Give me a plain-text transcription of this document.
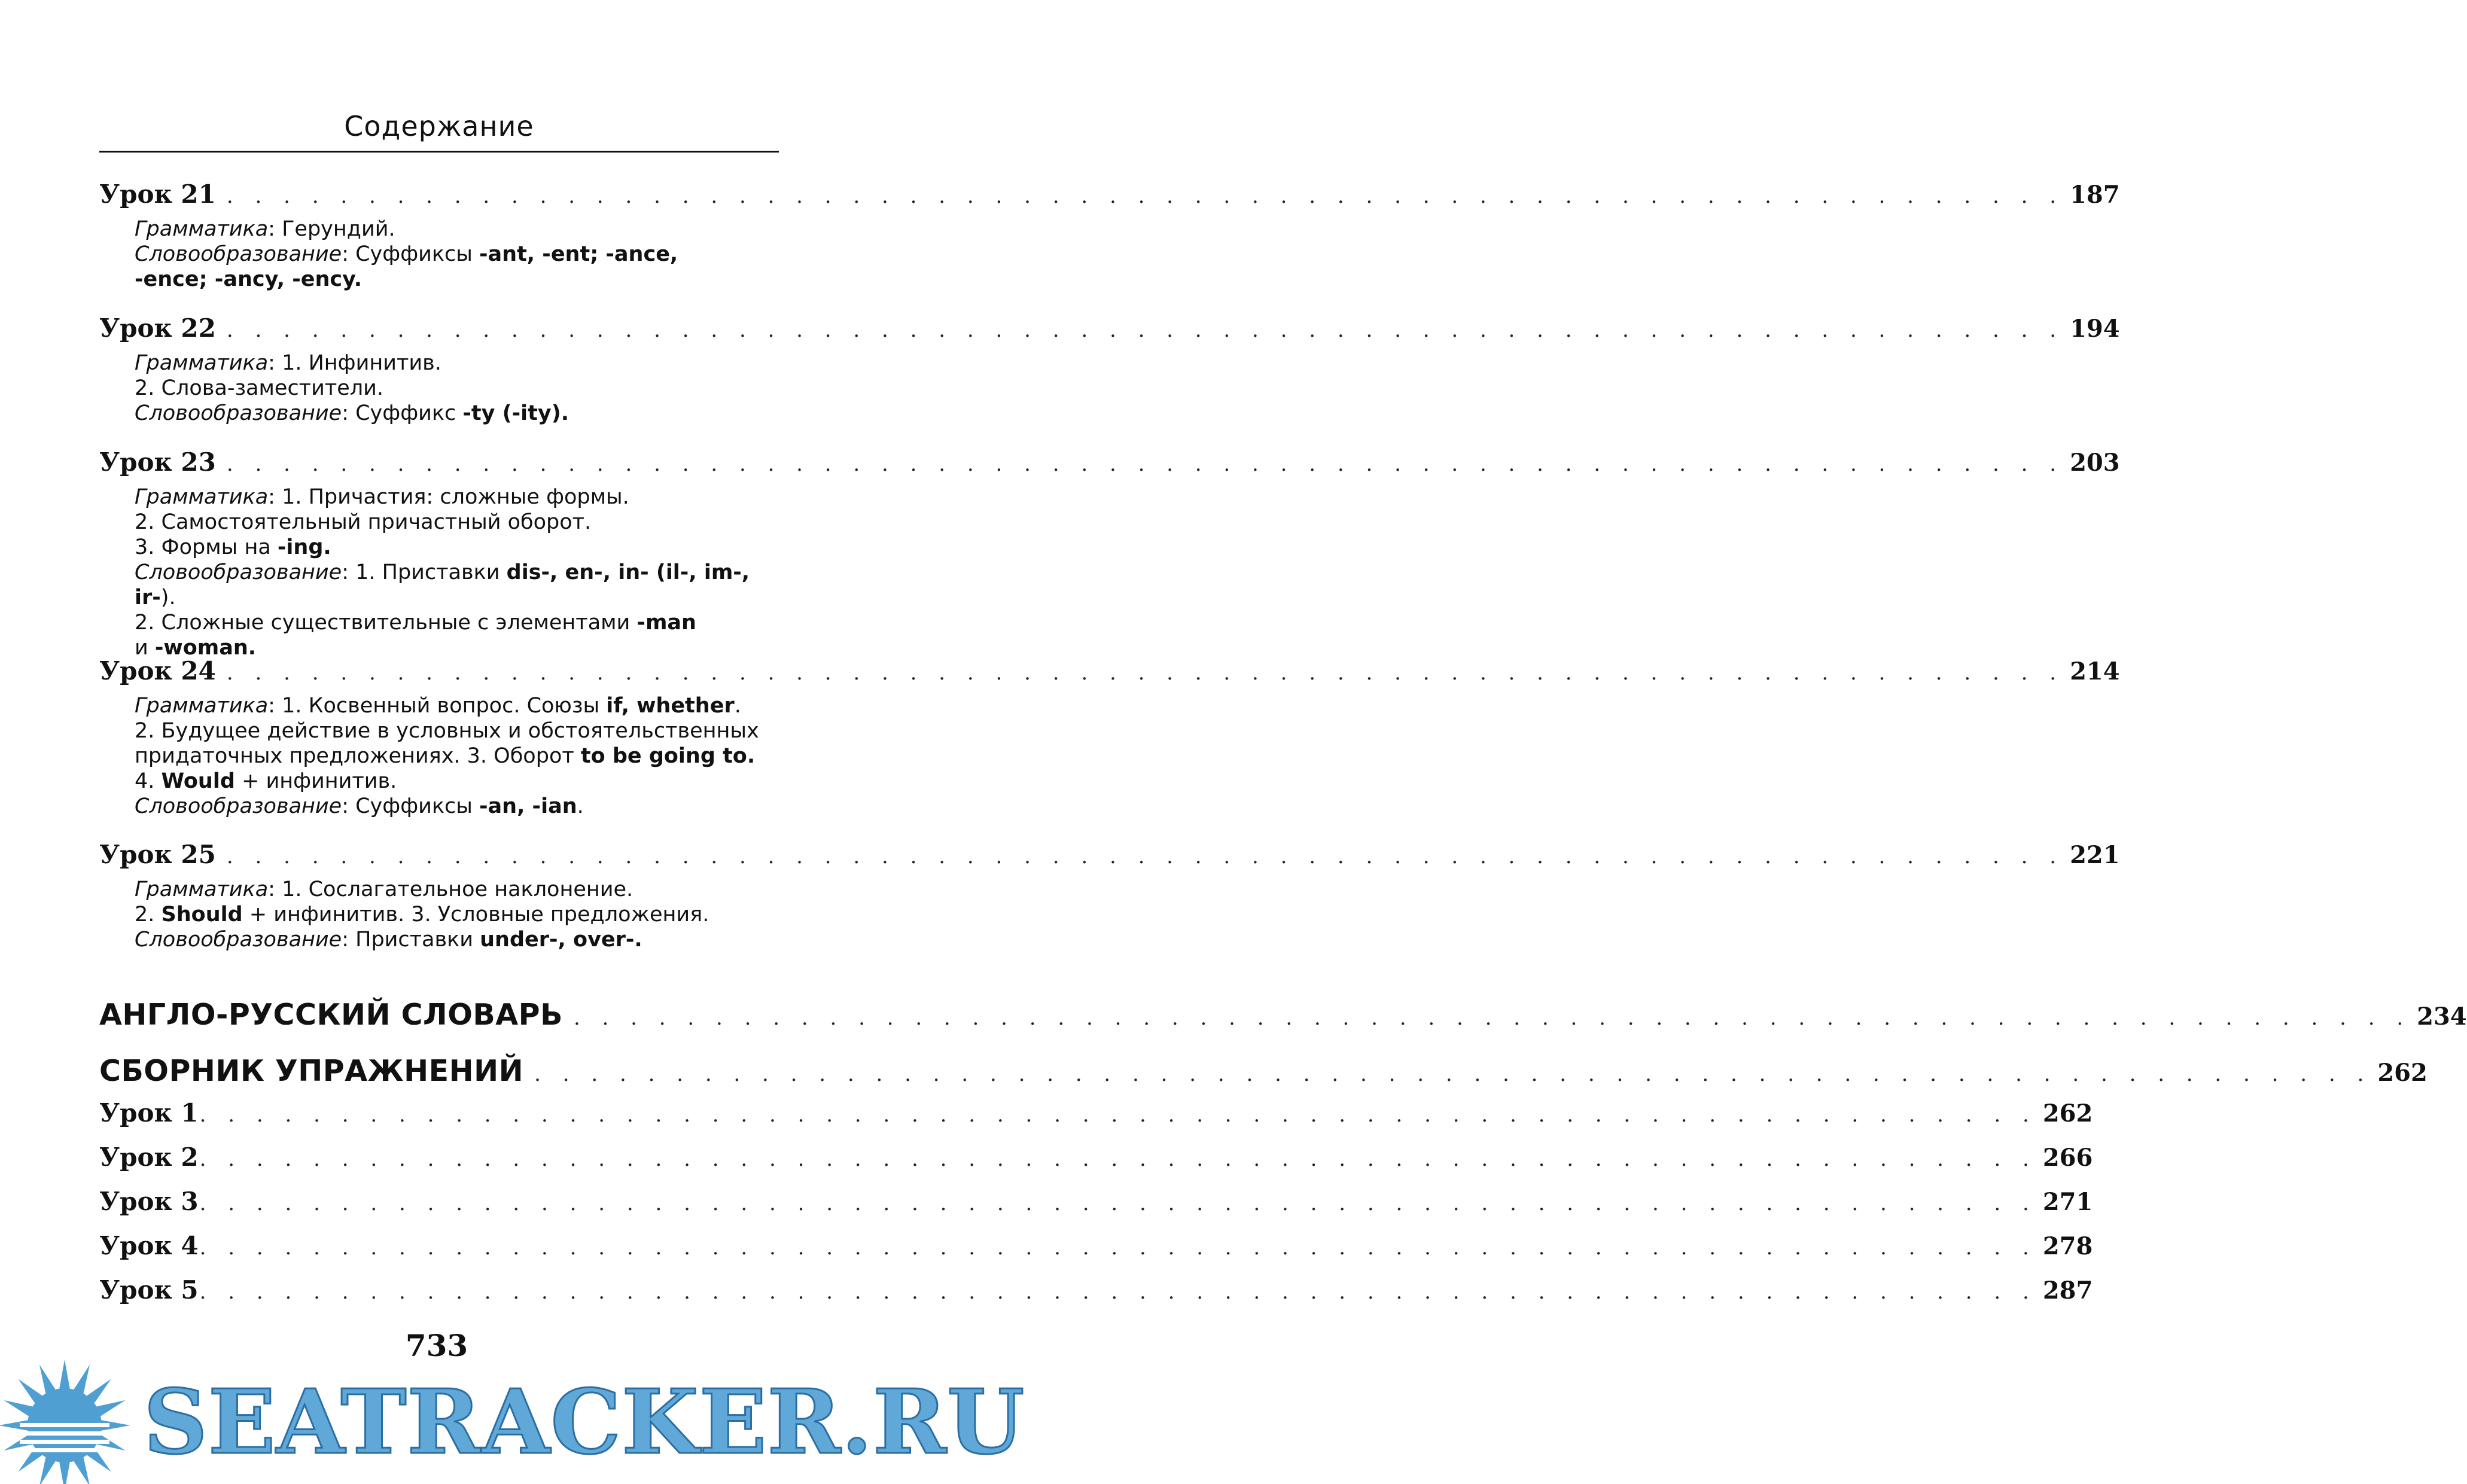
Содержание
Урок 21 . . . . . . . . . . . . . . . . . . . . . . . . . . . . . . . . . . . . . . . . . . . . . . . . . . . . . . . . . . . . . . . . . 187
Грамматика: Герундий.
Словообразование: Суффиксы -ant, -ent; -ance,
-ence; -ancy, -ency.
Урок 22 . . . . . . . . . . . . . . . . . . . . . . . . . . . . . . . . . . . . . . . . . . . . . . . . . . . . . . . . . . . . . . . . . 194
Грамматика: 1. Инфинитив.
2. Слова-заместители.
Словообразование: Суффикс -ty (-ity).
Урок 23 . . . . . . . . . . . . . . . . . . . . . . . . . . . . . . . . . . . . . . . . . . . . . . . . . . . . . . . . . . . . . . . . . 203
Грамматика: 1. Причастия: сложные формы.
2. Самостоятельный причастный оборот.
3. Формы на -ing.
Словообразование: 1. Приставки dis-, en-, in- (il-, im-, ir-).
2. Сложные существительные с элементами -man
и -woman.
Урок 24 . . . . . . . . . . . . . . . . . . . . . . . . . . . . . . . . . . . . . . . . . . . . . . . . . . . . . . . . . . . . . . . . . 214
Грамматика: 1. Косвенный вопрос. Союзы if, whether.
2. Будущее действие в условных и обстоятельственных
придаточных предложениях. 3. Оборот to be going to.
4. Would + инфинитив.
Словообразование: Суффиксы -an, -ian.
Урок 25 . . . . . . . . . . . . . . . . . . . . . . . . . . . . . . . . . . . . . . . . . . . . . . . . . . . . . . . . . . . . . . . . . 221
Грамматика: 1. Сослагательное наклонение.
2. Should + инфинитив. 3. Условные предложения.
Словообразование: Приставки under-, over-.
АНГЛО-РУССКИЙ СЛОВАРЬ . . . . . . . . . . . . . . . . . . . . . . . . . . . . . . . . . . . . . . . . . . . . . . . . . . . . . . . . . . . . . . . . . 234
СБОРНИК УПРАЖНЕНИЙ . . . . . . . . . . . . . . . . . . . . . . . . . . . . . . . . . . . . . . . . . . . . . . . . . . . . . . . . . . . . . . . . . 262
Урок 1 . . . . . . . . . . . . . . . . . . . . . . . . . . . . . . . . . . . . . . . . . . . . . . . . . . . . . . . . . . . . . . . . . 262
Урок 2 . . . . . . . . . . . . . . . . . . . . . . . . . . . . . . . . . . . . . . . . . . . . . . . . . . . . . . . . . . . . . . . . . 266
Урок 3 . . . . . . . . . . . . . . . . . . . . . . . . . . . . . . . . . . . . . . . . . . . . . . . . . . . . . . . . . . . . . . . . . 271
Урок 4 . . . . . . . . . . . . . . . . . . . . . . . . . . . . . . . . . . . . . . . . . . . . . . . . . . . . . . . . . . . . . . . . . 278
Урок 5 . . . . . . . . . . . . . . . . . . . . . . . . . . . . . . . . . . . . . . . . . . . . . . . . . . . . . . . . . . . . . . . . . 287
733
SEATRACKER.RU
